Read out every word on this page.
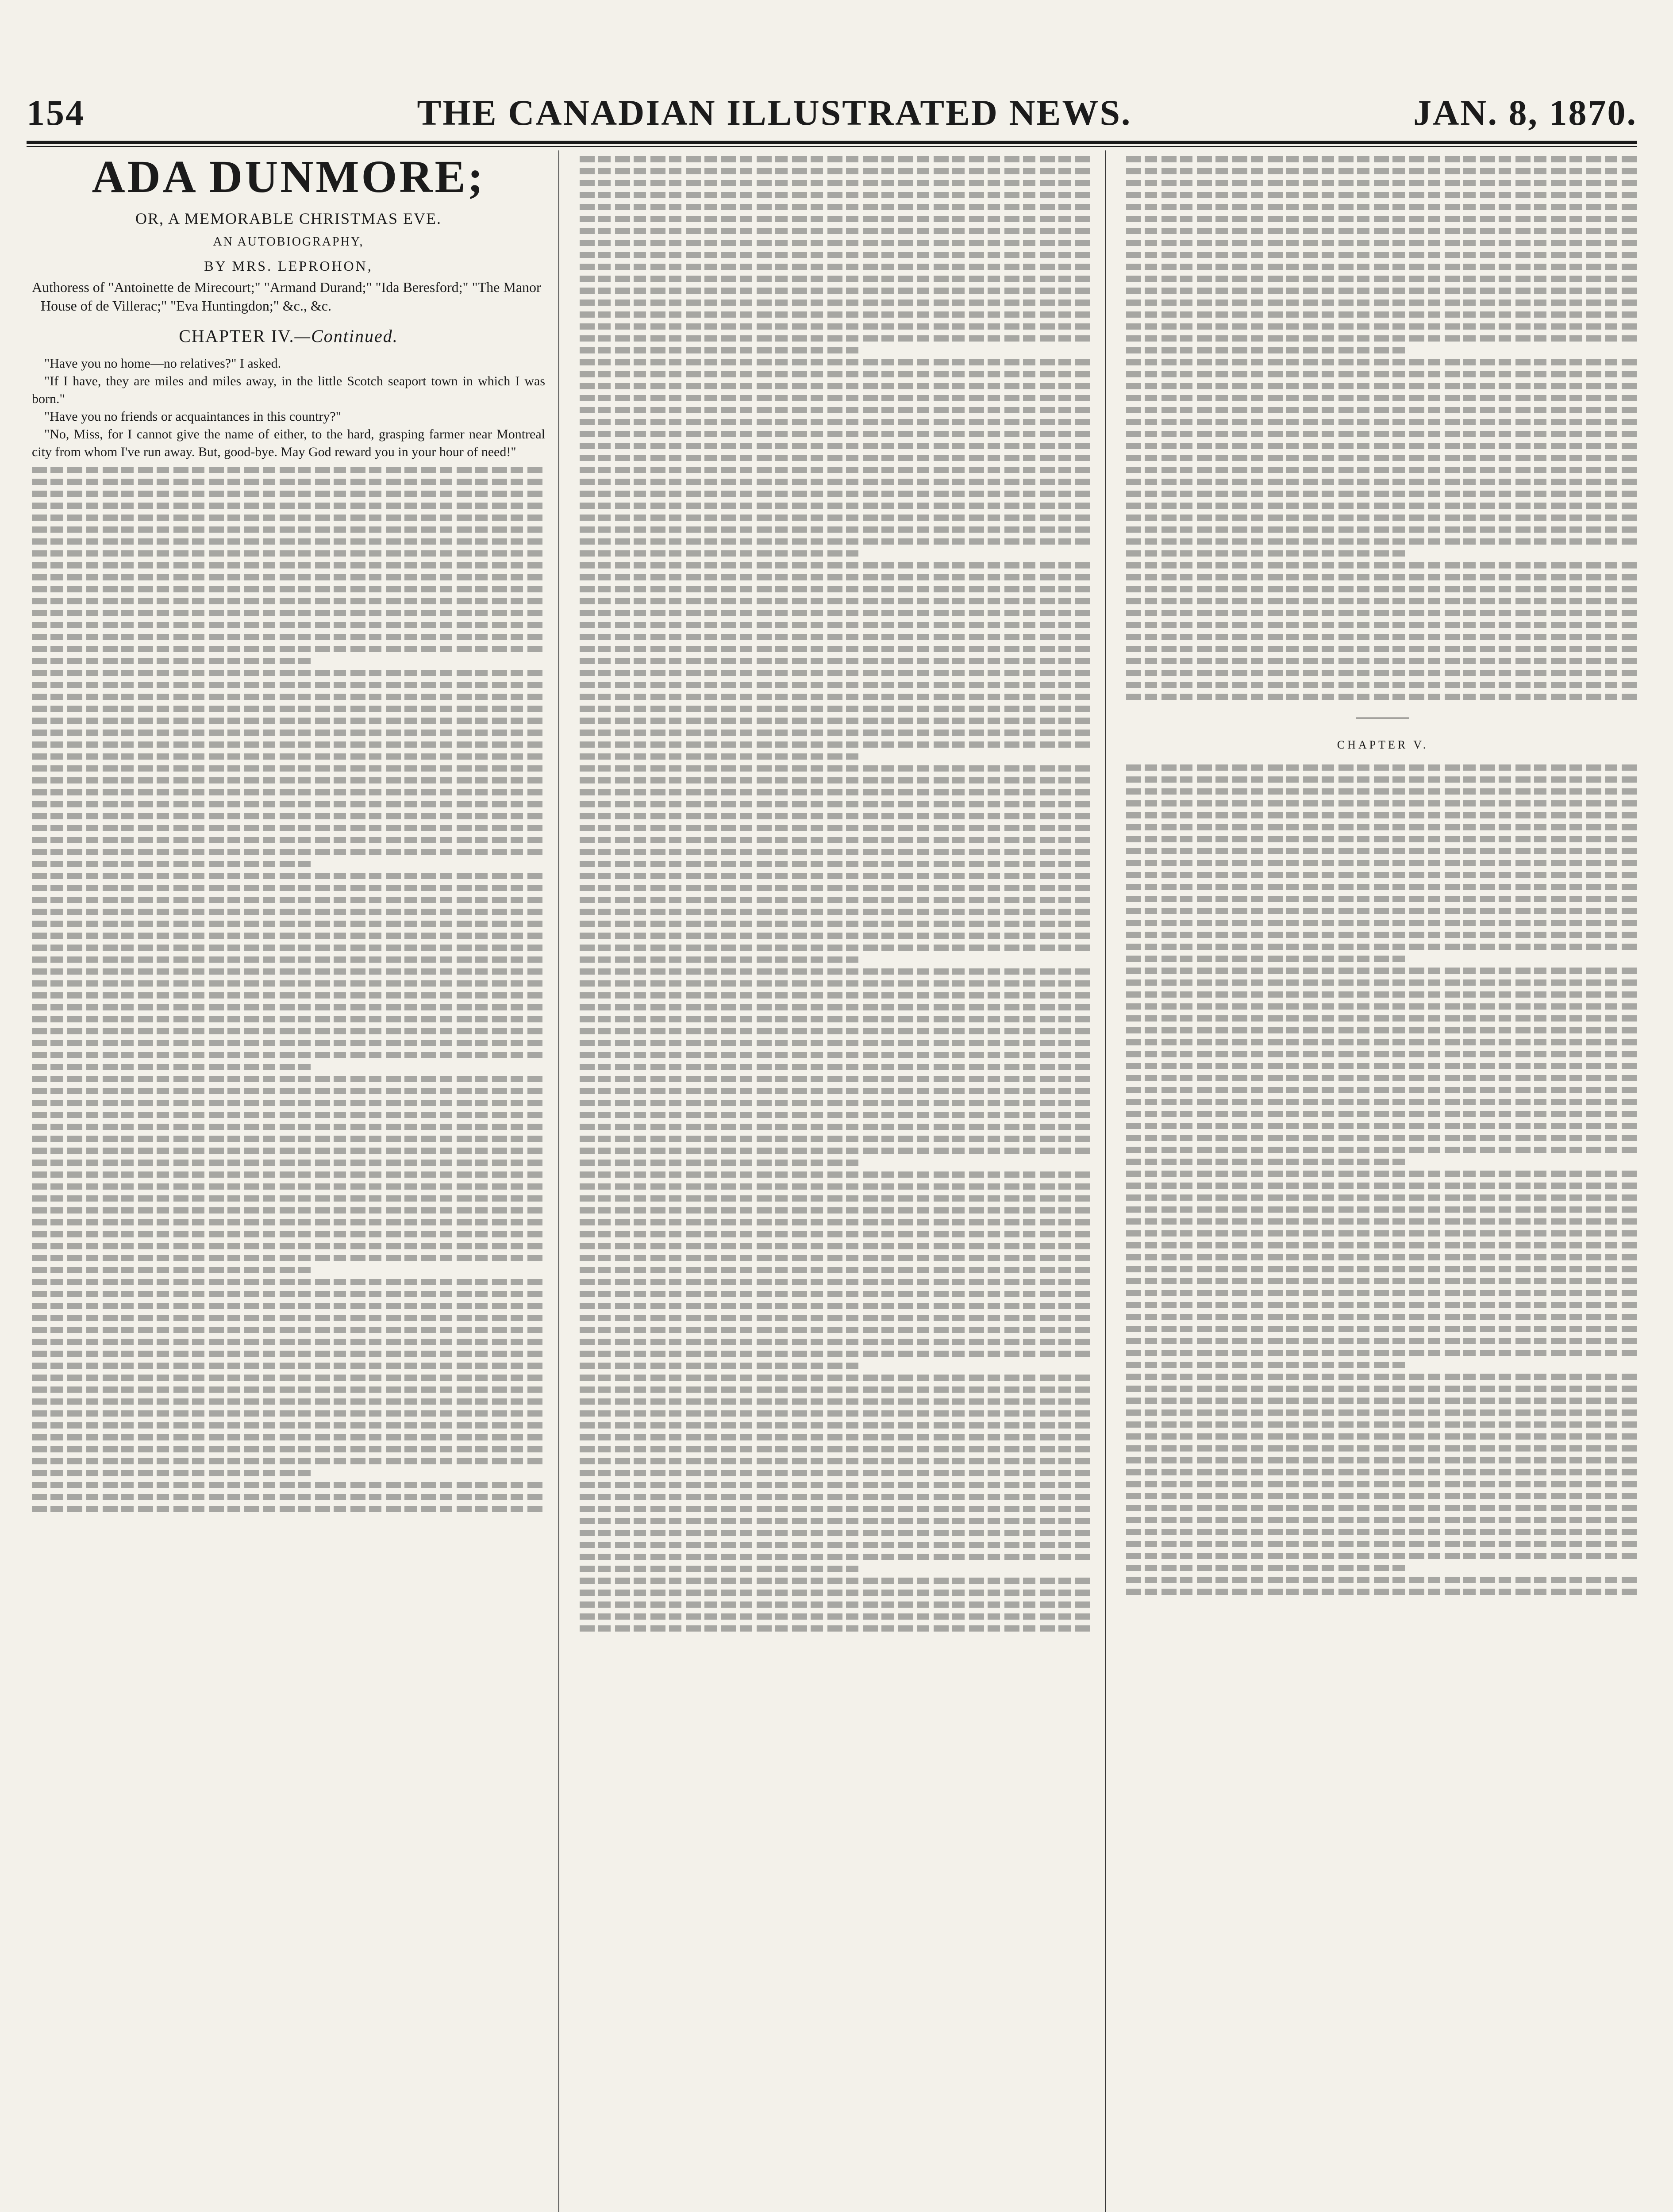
154	THE CANADIAN ILLUSTRATED NEWS.	JAN. 8, 1870.
ADA DUNMORE;

OR, A MEMORABLE CHRISTMAS EVE.

AN AUTOBIOGRAPHY,

BY MRS. LEPROHON,

Authoress of "Antoinette de Mirecourt;" "Armand Durand;" "Ida Beresford;" "The Manor House of de Villerac;" "Eva Huntingdon;" &c., &c.

CHAPTER IV.—Continued.

"Have you no home—no relatives?" I asked.

"If I have, they are miles and miles away, in the little Scotch seaport town in which I was born."

"Have you no friends or acquaintances in this country?"

"No, Miss, for I cannot give the name of either, to the hard, grasping farmer near Montreal city from whom I've run away. But, good-bye. May God reward you in your hour of need!"

CHAPTER V.
